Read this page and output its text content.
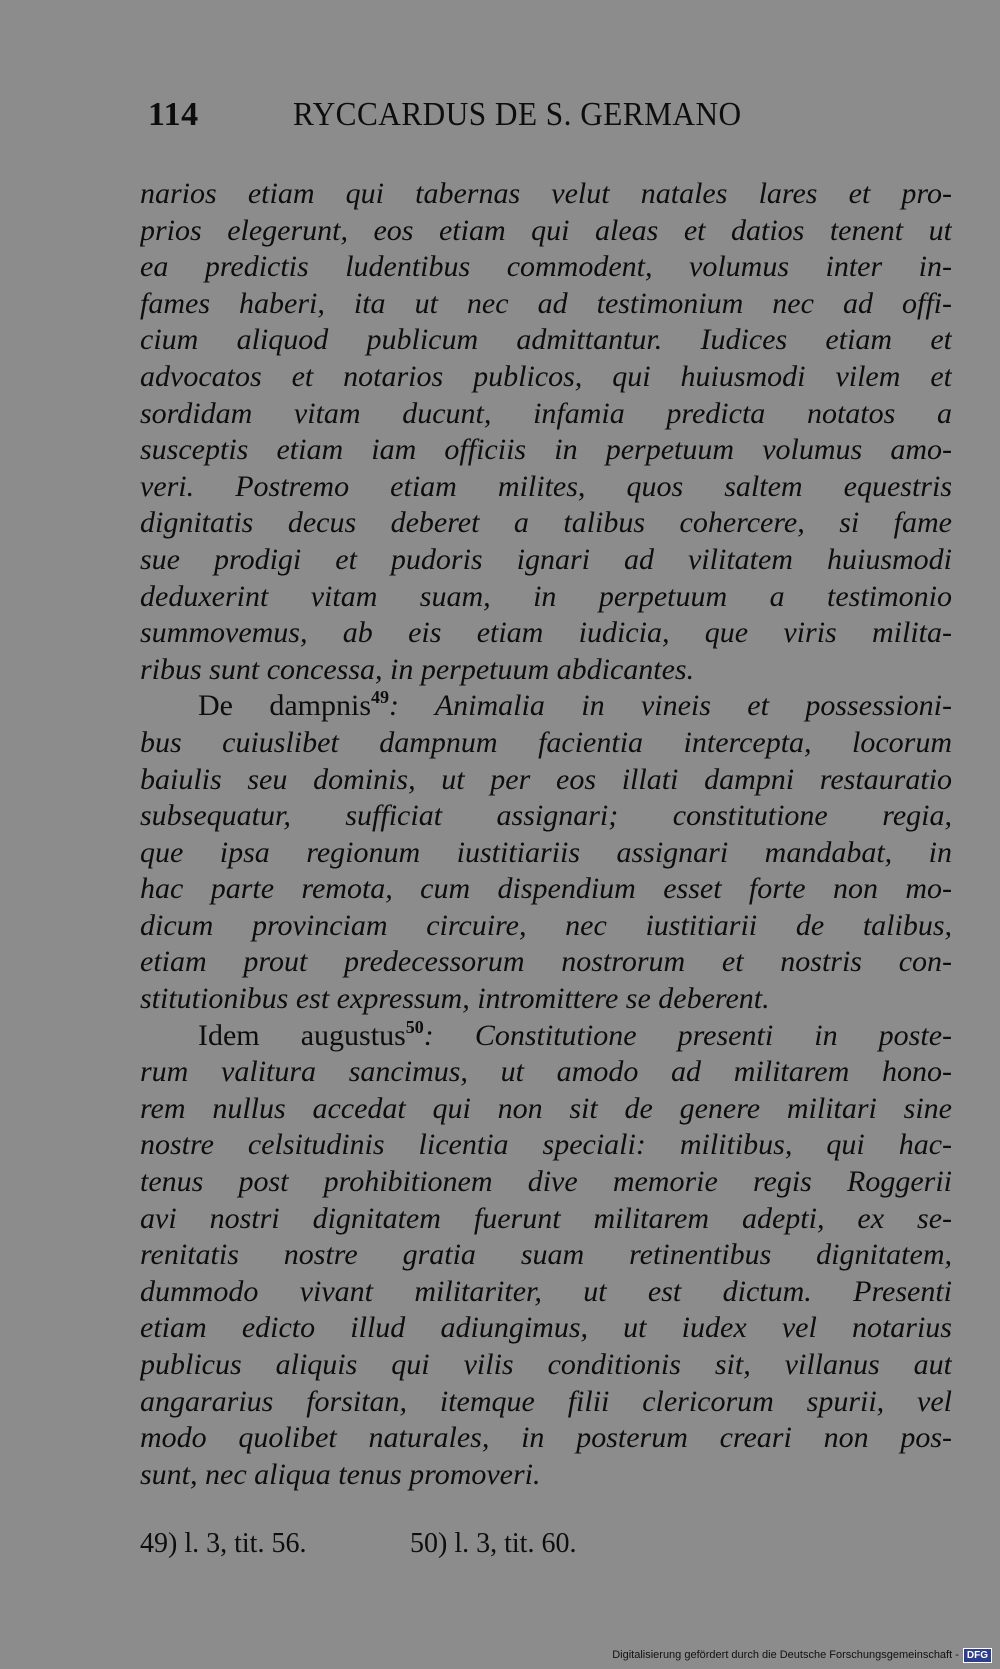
114	RYCCARDUS DE S. GERMANO
narios etiam qui tabernas velut natales lares et pro-
prios elegerunt, eos etiam qui aleas et datios tenent ut
ea predictis ludentibus commodent, volumus inter in-
fames haberi, ita ut nec ad testimonium nec ad offi-
cium aliquod publicum admittantur. Iudices etiam et
advocatos et notarios publicos, qui huiusmodi vilem et
sordidam vitam ducunt, infamia predicta notatos a
susceptis etiam iam officiis in perpetuum volumus amo-
veri. Postremo etiam milites, quos saltem equestris
dignitatis decus deberet a talibus cohercere, si fame
sue prodigi et pudoris ignari ad vilitatem huiusmodi
deduxerint vitam suam, in perpetuum a testimonio
summovemus, ab eis etiam iudicia, que viris milita-
ribus sunt concessa, in perpetuum abdicantes.
De dampnis$^{49}$: Animalia in vineis et possessioni-
bus cuiuslibet dampnum facientia intercepta, locorum
baiulis seu dominis, ut per eos illati dampni restauratio
subsequatur, sufficiat assignari; constitutione regia,
que ipsa regionum iustitiariis assignari mandabat, in
hac parte remota, cum dispendium esset forte non mo-
dicum provinciam circuire, nec iustitiarii de talibus,
etiam prout predecessorum nostrorum et nostris con-
stitutionibus est expressum, intromittere se deberent.
Idem augustus$^{50}$: Constitutione presenti in poste-
rum valitura sancimus, ut amodo ad militarem hono-
rem nullus accedat qui non sit de genere militari sine
nostre celsitudinis licentia speciali: militibus, qui hac-
tenus post prohibitionem dive memorie regis Roggerii
avi nostri dignitatem fuerunt militarem adepti, ex se-
renitatis nostre gratia suam retinentibus dignitatem,
dummodo vivant militariter, ut est dictum. Presenti
etiam edicto illud adiungimus, ut iudex vel notarius
publicus aliquis qui vilis conditionis sit, villanus aut
angararius forsitan, itemque filii clericorum spurii, vel
modo quolibet naturales, in posterum creari non pos-
sunt, nec aliqua tenus promoveri.
49) l. 3, tit. 56.	50) l. 3, tit. 60.
Digitalisierung gefördert durch die Deutsche Forschungsgemeinschaft - DFG
